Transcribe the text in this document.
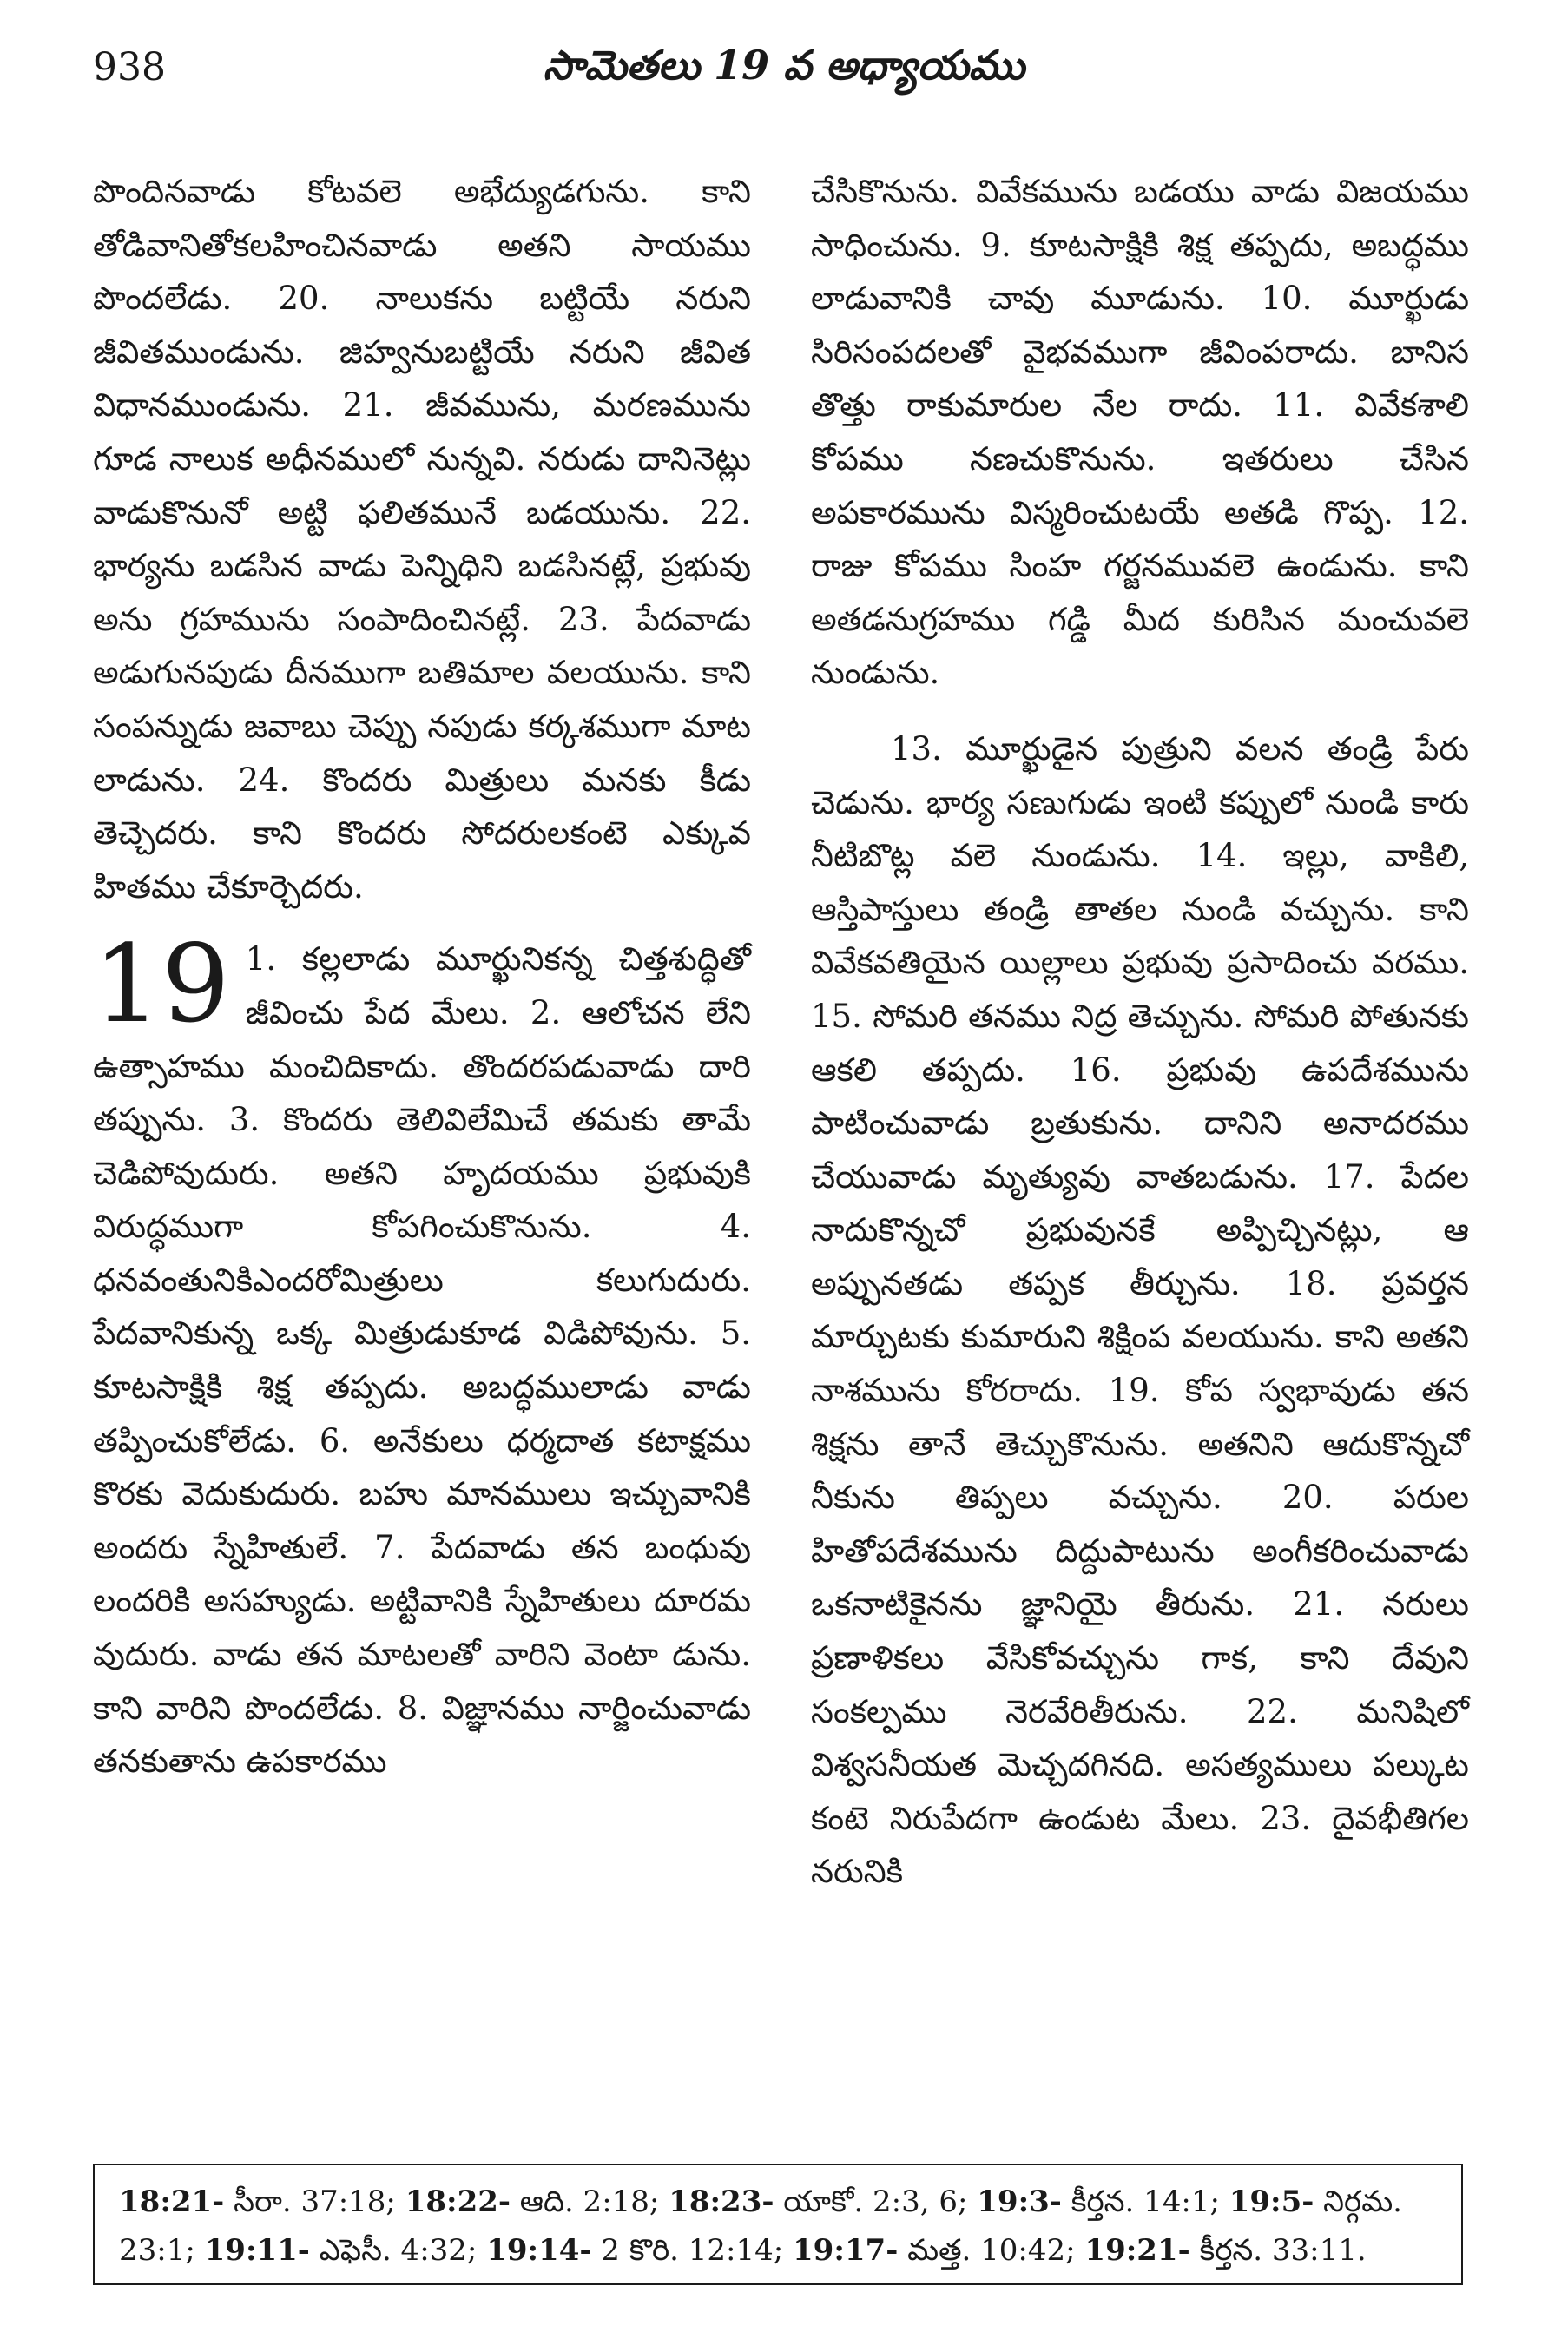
938	సామెతలు 19 వ అధ్యాయము

పొందినవాడు కోటవలె అభేద్యుడగును. కాని తోడివానితోకలహించినవాడు అతని సాయము పొందలేడు. 20. నాలుకను బట్టియే నరుని జీవితముండును. జిహ్వనుబట్టియే నరుని జీవిత విధానముండును. 21. జీవమును, మరణమును గూడ నాలుక అధీనములో నున్నవి. నరుడు దానినెట్లు వాడుకొనునో అట్టి ఫలితమునే బడయును. 22. భార్యను బడసిన వాడు పెన్నిధిని బడసినట్లే, ప్రభువు అను గ్రహమును సంపాదించినట్లే. 23. పేదవాడు అడుగునపుడు దీనముగా బతిమాల వలయును. కాని సంపన్నుడు జవాబు చెప్పు నపుడు కర్కశముగా మాట లాడును. 24. కొందరు మిత్రులు మనకు కీడు తెచ్చెదరు. కాని కొందరు సోదరులకంటె ఎక్కువ హితము చేకూర్చెదరు.

19 1. కల్లలాడు మూర్ఖునికన్న చిత్తశుద్ధితో జీవించు పేద మేలు. 2. ఆలోచన లేని ఉత్సాహము మంచిదికాదు. తొందరపడువాడు దారి తప్పును. 3. కొందరు తెలివిలేమిచే తమకు తామే చెడిపోవుదురు. అతని హృదయము ప్రభువుకి విరుద్ధముగా కోపగించుకొనును. 4. ధనవంతునికిఎందరోమిత్రులు కలుగుదురు. పేదవానికున్న ఒక్క మిత్రుడుకూడ విడిపోవును. 5. కూటసాక్షికి శిక్ష తప్పదు. అబద్ధములాడు వాడు తప్పించుకోలేడు. 6. అనేకులు ధర్మదాత కటాక్షము కొరకు వెదుకుదురు. బహు మానములు ఇచ్చువానికి అందరు స్నేహితులే. 7. పేదవాడు తన బంధువు లందరికి అసహ్యుడు. అట్టివానికి స్నేహితులు దూరమ వుదురు. వాడు తన మాటలతో వారిని వెంటా డును. కాని వారిని పొందలేడు. 8. విజ్ఞానము నార్జించువాడు తనకుతాను ఉపకారము

చేసికొనును. వివేకమును బడయు వాడు విజయము సాధించును. 9. కూటసాక్షికి శిక్ష తప్పదు, అబద్ధము లాడువానికి చావు మూడును. 10. మూర్ఖుడు సిరిసంపదలతో వైభవముగా జీవింపరాదు. బానిస తొత్తు రాకుమారుల నేల రాదు. 11. వివేకశాలి కోపము నణచుకొనును. ఇతరులు చేసిన అపకారమును విస్మరించుటయే అతడి గొప్ప. 12. రాజు కోపము సింహ గర్జనమువలె ఉండును. కాని అతడనుగ్రహము గడ్డి మీద కురిసిన మంచువలె నుండును.

13. మూర్ఖుడైన పుత్రుని వలన తండ్రి పేరు చెడును. భార్య సణుగుడు ఇంటి కప్పులో నుండి కారు నీటిబొట్ల వలె నుండును. 14. ఇల్లు, వాకిలి, ఆస్తిపాస్తులు తండ్రి తాతల నుండి వచ్చును. కాని వివేకవతియైన యిల్లాలు ప్రభువు ప్రసాదించు వరము. 15. సోమరి తనము నిద్ర తెచ్చును. సోమరి పోతునకు ఆకలి తప్పదు. 16. ప్రభువు ఉపదేశమును పాటించువాడు బ్రతుకును. దానిని అనాదరము చేయువాడు మృత్యువు వాతబడును. 17. పేదల నాదుకొన్నచో ప్రభువునకే అప్పిచ్చినట్లు, ఆ అప్పునతడు తప్పక తీర్చును. 18. ప్రవర్తన మార్చుటకు కుమారుని శిక్షింప వలయును. కాని అతని నాశమును కోరరాదు. 19. కోప స్వభావుడు తన శిక్షను తానే తెచ్చుకొనును. అతనిని ఆదుకొన్నచో నీకును తిప్పలు వచ్చును. 20. పరుల హితోపదేశమును దిద్దుపాటును అంగీకరించువాడు ఒకనాటికైనను జ్ఞానియై తీరును. 21. నరులు ప్రణాళికలు వేసికోవచ్చును గాక, కాని దేవుని సంకల్పము నెరవేరితీరును. 22. మనిషిలో విశ్వసనీయత మెచ్చదగినది. అసత్యములు పల్కుట కంటె నిరుపేదగా ఉండుట మేలు. 23. దైవభీతిగల నరునికి

18:21- సీరా. 37:18; 18:22- ఆది. 2:18; 18:23- యాకో. 2:3, 6; 19:3- కీర్తన. 14:1; 19:5- నిర్గమ. 23:1; 19:11- ఎఫెసీ. 4:32; 19:14- 2 కొరి. 12:14; 19:17- మత్త. 10:42; 19:21- కీర్తన. 33:11.
